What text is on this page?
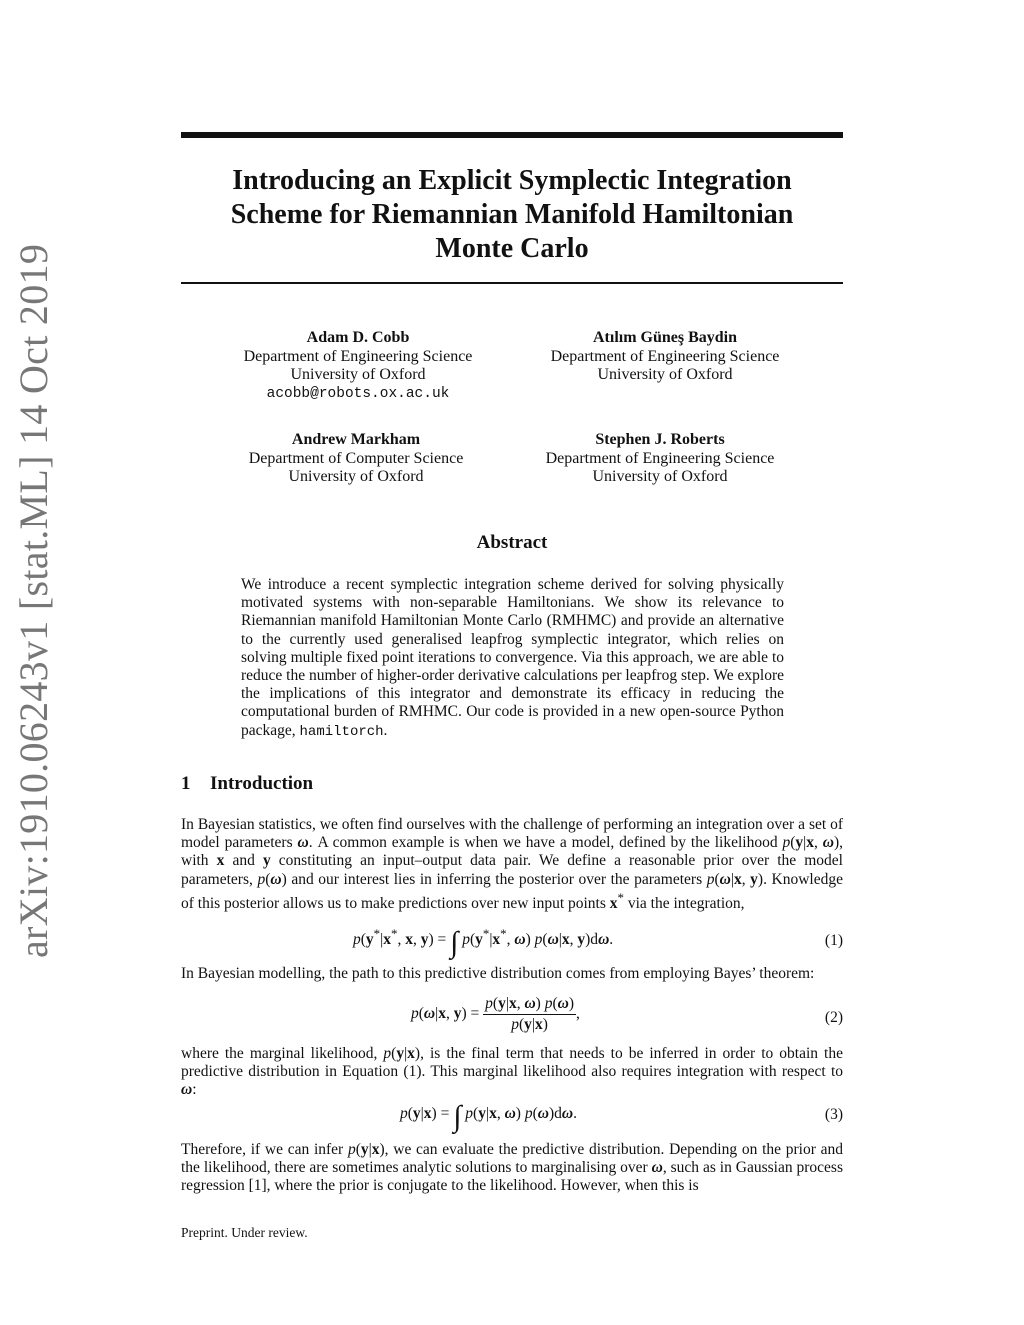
arXiv:1910.06243v1 [stat.ML] 14 Oct 2019
Introducing an Explicit Symplectic Integration
Scheme for Riemannian Manifold Hamiltonian
Monte Carlo
Adam D. Cobb
Department of Engineering Science
University of Oxford
acobb@robots.ox.ac.uk
Atılım Güneş Baydin
Department of Engineering Science
University of Oxford
Andrew Markham
Department of Computer Science
University of Oxford
Stephen J. Roberts
Department of Engineering Science
University of Oxford
Abstract
We introduce a recent symplectic integration scheme derived for solving physically motivated systems with non-separable Hamiltonians. We show its relevance to Riemannian manifold Hamiltonian Monte Carlo (RMHMC) and provide an alternative to the currently used generalised leapfrog symplectic integrator, which relies on solving multiple fixed point iterations to convergence. Via this approach, we are able to reduce the number of higher-order derivative calculations per leapfrog step. We explore the implications of this integrator and demonstrate its efficacy in reducing the computational burden of RMHMC. Our code is provided in a new open-source Python package, hamiltorch.
1 Introduction
In Bayesian statistics, we often find ourselves with the challenge of performing an integration over a set of model parameters ω. A common example is when we have a model, defined by the likelihood p(y|x, ω), with x and y constituting an input–output data pair. We define a reasonable prior over the model parameters, p(ω) and our interest lies in inferring the posterior over the parameters p(ω|x, y). Knowledge of this posterior allows us to make predictions over new input points x* via the integration,
p(y*|x*, x, y) = ∫ p(y*|x*, ω) p(ω|x, y)dω.	(1)
In Bayesian modelling, the path to this predictive distribution comes from employing Bayes’ theorem:
p(ω|x, $y) = \frac{p(y|x, \omega) p(\omega)}{p(y|x)}$ ,	(2)
where the marginal likelihood, p(y|x), is the final term that needs to be inferred in order to obtain the predictive distribution in Equation (1). This marginal likelihood also requires integration with respect to ω:
p(y|x) = ∫ p(y|x, ω) p(ω)dω.	(3)
Therefore, if we can infer p(y|x), we can evaluate the predictive distribution. Depending on the prior and the likelihood, there are sometimes analytic solutions to marginalising over ω, such as in Gaussian process regression [1], where the prior is conjugate to the likelihood. However, when this is
Preprint. Under review.
